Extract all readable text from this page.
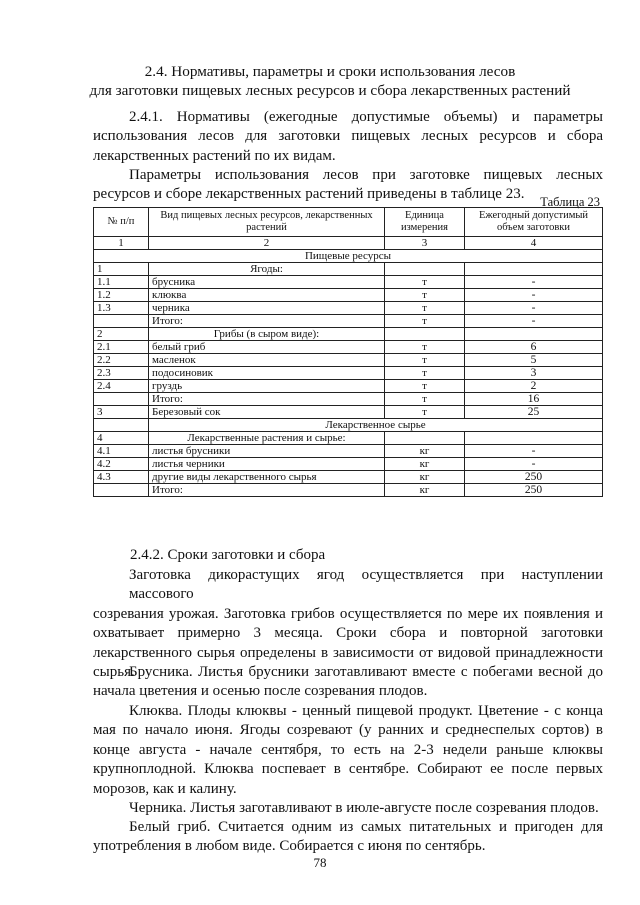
2.4. Нормативы, параметры и сроки использования лесов
для заготовки пищевых лесных ресурсов и сбора лекарственных растений
2.4.1. Нормативы (ежегодные допустимые объемы) и параметры
использования лесов для заготовки пищевых лесных ресурсов и сбора
лекарственных растений по их видам.
Параметры использования лесов при заготовке пищевых лесных
ресурсов и сборе лекарственных растений приведены в таблице 23.	Таблица 23
№ п/п	Вид пищевых лесных ресурсов, лекарственных растений	Единица измерения	Ежегодный допустимый объем заготовки
1	2	3	4
Пищевые ресурсы			
1	Ягоды:		
1.1	брусника	т	-
1.2	клюква	т	-
1.3	черника	т	-
	Итого:	т	-
2	Грибы (в сыром виде):		
2.1	белый гриб	т	6
2.2	масленок	т	5
2.3	подосиновик	т	3
2.4	груздь	т	2
	Итого:	т	16
3	Березовый сок	т	25
	Лекарственное сырье		
4	Лекарственные растения и сырье:		
4.1	листья брусники	кг	-
4.2	листья черники	кг	-
4.3	другие виды лекарственного сырья	кг	250
	Итого:	кг	250
2.4.2. Сроки заготовки и сбора
Заготовка дикорастущих ягод осуществляется при наступлении массового
созревания урожая. Заготовка грибов осуществляется по мере их появления и
охватывает примерно 3 месяца. Сроки сбора и повторной заготовки
лекарственного сырья определены в зависимости от видовой принадлежности
сырья.
Брусника. Листья брусники заготавливают вместе с побегами весной до
начала цветения и осенью после созревания плодов.
Клюква. Плоды клюквы - ценный пищевой продукт. Цветение - с конца
мая по начало июня. Ягоды созревают (у ранних и среднеспелых сортов) в
конце августа - начале сентября, то есть на 2-3 недели раньше клюквы
крупноплодной. Клюква поспевает в сентябре. Собирают ее после первых
морозов, как и калину.
Черника. Листья заготавливают в июле-августе после созревания плодов.
Белый гриб. Считается одним из самых питательных и пригоден для
употребления в любом виде. Собирается с июня по сентябрь.
78
